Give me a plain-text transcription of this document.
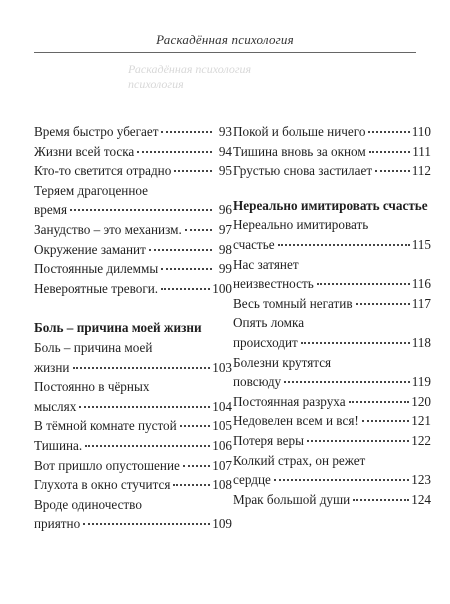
Раскадённая психология
Раскадённая психология
психология
Время быстро убегает	93
Жизни всей тоска	94
Кто-то светится отрадно	95
Теряем драгоценное
время	96
Занудство – это механизм.	97
Окружение заманит	98
Постоянные дилеммы	99
Невероятные тревоги.	100
Боль – причина моей жизни
Боль – причина моей
жизни	103
Постоянно в чёрных
мыслях	104
В тёмной комнате пустой	105
Тишина.	106
Вот пришло опустошение 107
Глухота в окно стучится	108
Вроде одиночество
приятно	109
Покой и больше ничего	110
Тишина вновь за окном	111
Грустью снова застилает	112
Нереально имитировать счастье
Нереально имитировать
счастье	115
Нас затянет
неизвестность	116
Весь томный негатив	117
Опять ломка
происходит	118
Болезни крутятся
повсюду	119
Постоянная разруха	120
Недовелен всем и вся!	121
Потеря веры	122
Колкий страх, он режет
сердце	123
Мрак большой души	124
